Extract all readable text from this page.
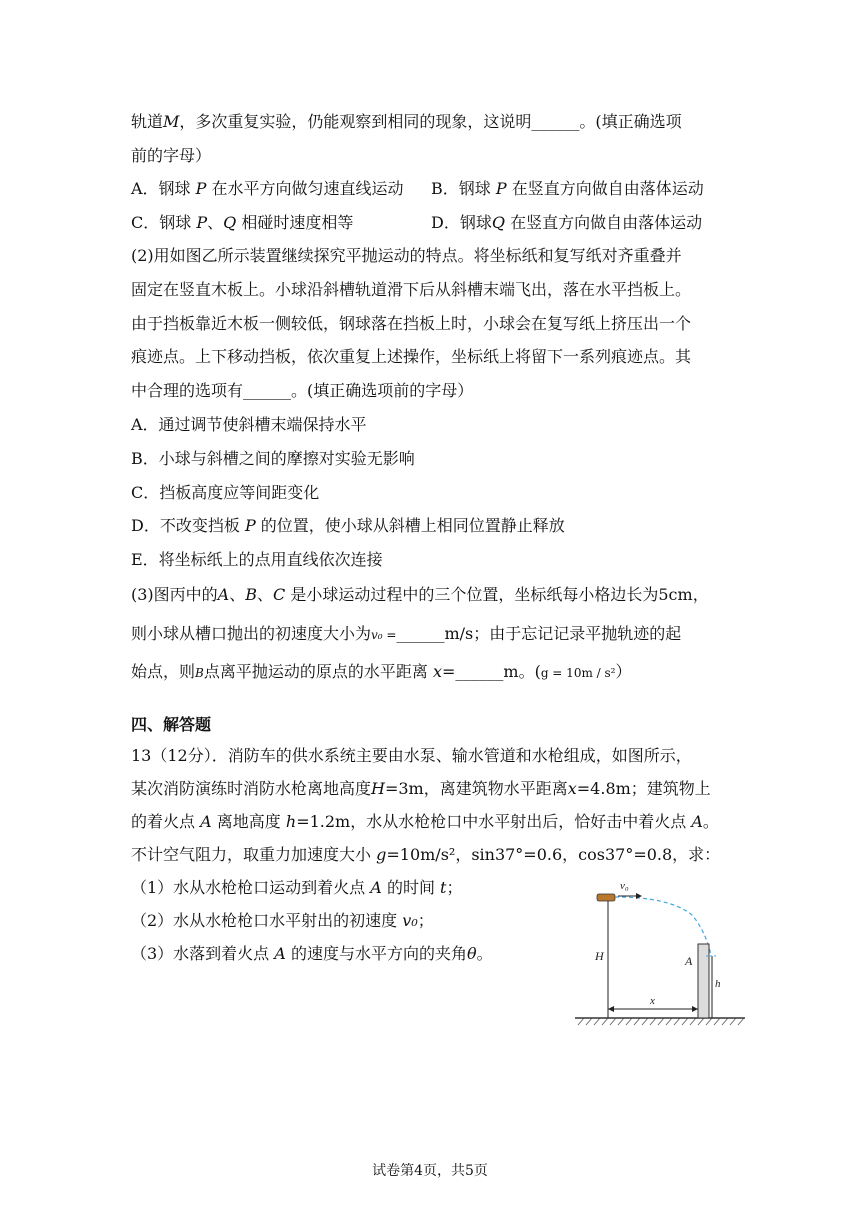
轨道M，多次重复实验，仍能观察到相同的现象，这说明______。(填正确选项
前的字母）
A．钢球 P 在水平方向做匀速直线运动 B．钢球 P 在竖直方向做自由落体运动
C．钢球 P、Q 相碰时速度相等	D．钢球Q 在竖直方向做自由落体运动
(2)用如图乙所示装置继续探究平抛运动的特点。将坐标纸和复写纸对齐重叠并
固定在竖直木板上。小球沿斜槽轨道滑下后从斜槽末端飞出，落在水平挡板上。
由于挡板靠近木板一侧较低，钢球落在挡板上时，小球会在复写纸上挤压出一个
痕迹点。上下移动挡板，依次重复上述操作，坐标纸上将留下一系列痕迹点。其
中合理的选项有______。(填正确选项前的字母）
A．通过调节使斜槽末端保持水平
B．小球与斜槽之间的摩擦对实验无影响
C．挡板高度应等间距变化
D．不改变挡板 P 的位置，使小球从斜槽上相同位置静止释放
E．将坐标纸上的点用直线依次连接
(3)图丙中的A、B、C 是小球运动过程中的三个位置，坐标纸每小格边长为5cm，
则小球从槽口抛出的初速度大小为v₀ =______m/s；由于忘记记录平抛轨迹的起
始点，则B点离平抛运动的原点的水平距离 x=______m。(g = 10m / s²）
四、解答题
13（12分）．消防车的供水系统主要由水泵、输水管道和水枪组成，如图所示，
某次消防演练时消防水枪离地高度H=3m，离建筑物水平距离x=4.8m；建筑物上
的着火点 A 离地高度 h=1.2m，水从水枪枪口中水平射出后，恰好击中着火点 A。
不计空气阻力，取重力加速度大小 g=10m/s²，sin37°=0.6，cos37°=0.8，求：
（1）水从水枪枪口运动到着火点 A 的时间 t；
（2）水从水枪枪口水平射出的初速度 v₀；
（3）水落到着火点 A 的速度与水平方向的夹角θ。
v₀
H	A
h
x
试卷第4页，共5页
